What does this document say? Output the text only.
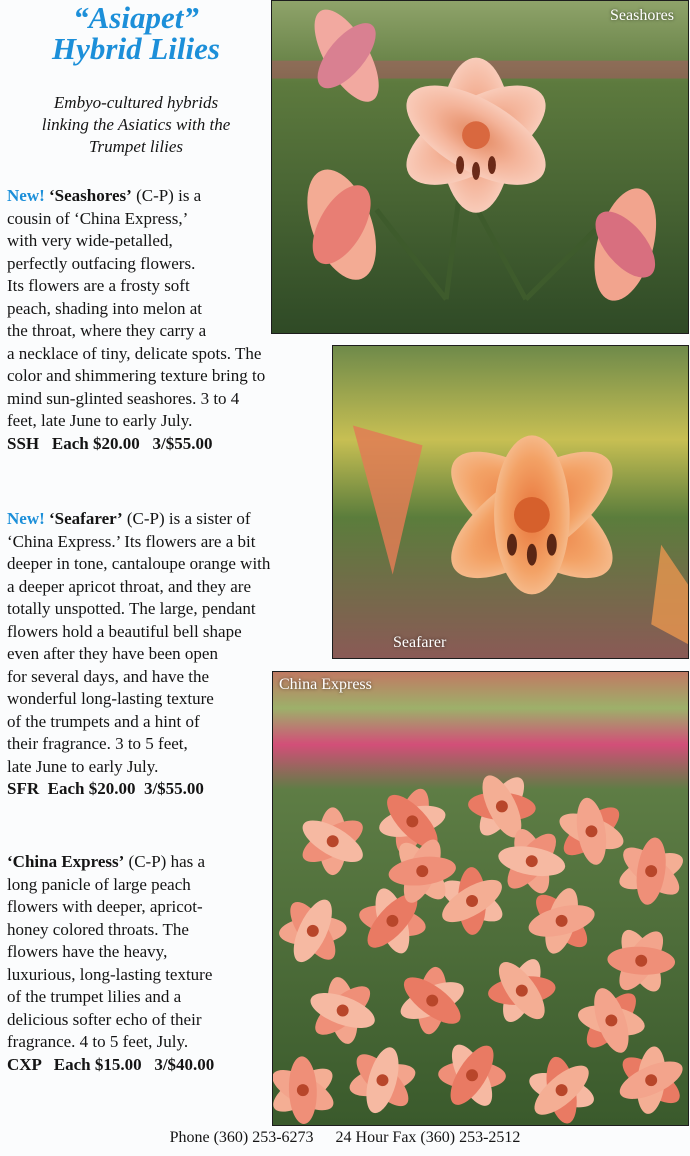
“Asiapet”
Hybrid Lilies
Embyo-cultured hybrids
linking the Asiatics with the
Trumpet lilies
New! ‘Seashores’ (C-P) is a
cousin of ‘China Express,’
with very wide-petalled,
perfectly outfacing flowers.
Its flowers are a frosty soft
peach, shading into melon at
the throat, where they carry a
a necklace of tiny, delicate spots. The
color and shimmering texture bring to
mind sun-glinted seashores. 3 to 4
feet, late June to early July.
SSH   Each $20.00   3/$55.00
New! ‘Seafarer’ (C-P) is a sister of
‘China Express.’ Its flowers are a bit
deeper in tone, cantaloupe orange with
a deeper apricot throat, and they are
totally unspotted. The large, pendant
flowers hold a beautiful bell shape
even after they have been open
for several days, and have the
wonderful long-lasting texture
of the trumpets and a hint of
their fragrance. 3 to 5 feet,
late June to early July.
SFR  Each $20.00  3/$55.00
‘China Express’ (C-P) has a
long panicle of large peach
flowers with deeper, apricot-
honey colored throats. The
flowers have the heavy,
luxurious, long-lasting texture
of the trumpet lilies and a
delicious softer echo of their
fragrance. 4 to 5 feet, July.
CXP   Each $15.00   3/$40.00
Seashores
Seafarer
China Express
Phone (360) 253-6273 24 Hour Fax (360) 253-2512
